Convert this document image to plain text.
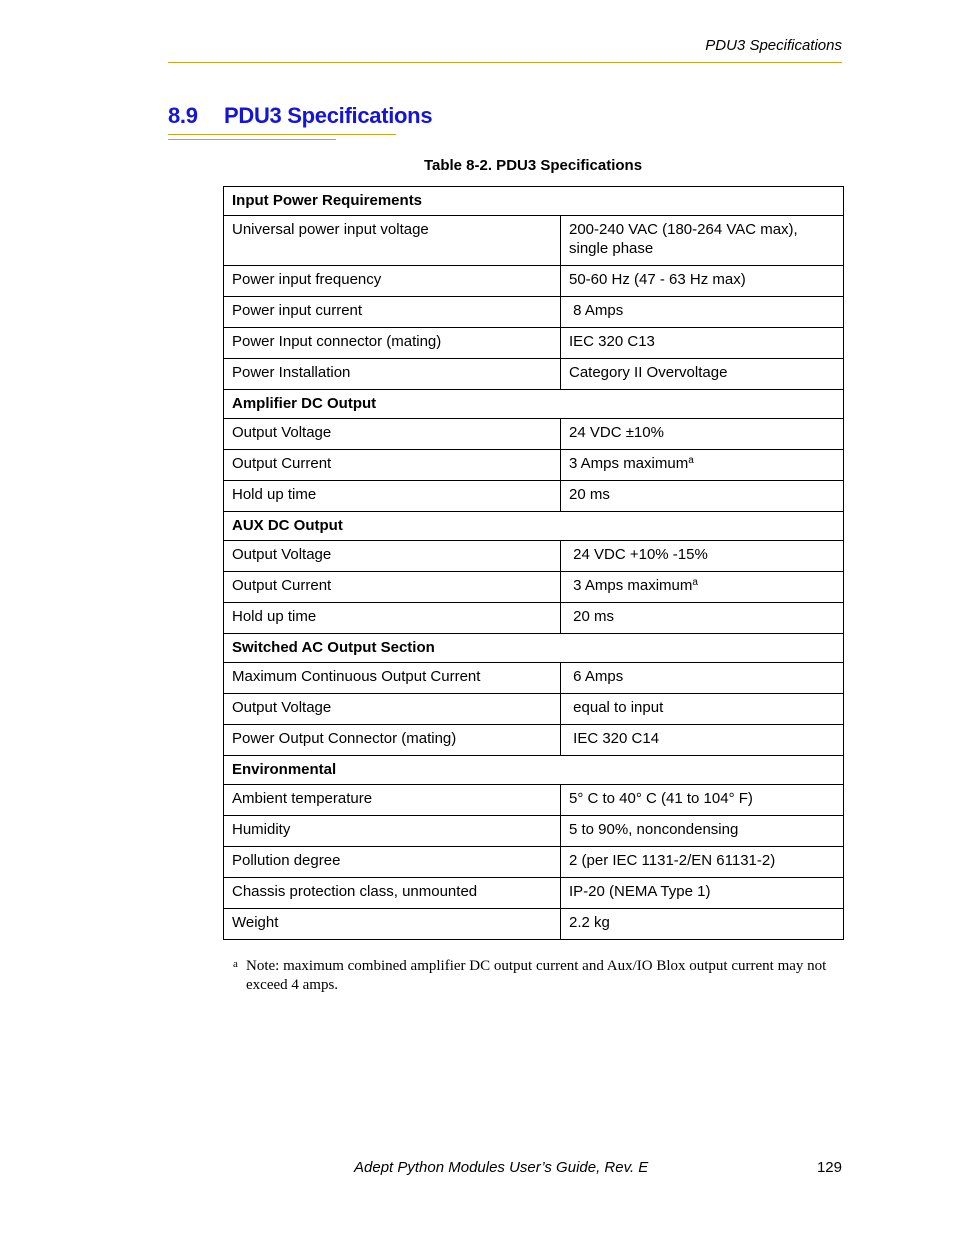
PDU3 Specifications
8.9 PDU3 Specifications
Table 8-2. PDU3 Specifications
Input Power Requirements	
Universal power input voltage	200-240 VAC (180-264 VAC max), single phase
Power input frequency	50-60 Hz (47 - 63 Hz max)
Power input current	8 Amps
Power Input connector (mating)	IEC 320 C13
Power Installation	Category II Overvoltage
Amplifier DC Output	
Output Voltage	24 VDC ±10%
Output Current	3 Amps maximum$^a$
Hold up time	20 ms
AUX DC Output	
Output Voltage	24 VDC +10% -15%
Output Current	3 Amps maximum$^a$
Hold up time	20 ms
Switched AC Output Section	
Maximum Continuous Output Current	6 Amps
Output Voltage	equal to input
Power Output Connector (mating)	IEC 320 C14
Environmental	
Ambient temperature	5° C to 40° C (41 to 104° F)
Humidity	5 to 90%, noncondensing
Pollution degree	2 (per IEC 1131-2/EN 61131-2)
Chassis protection class, unmounted	IP-20 (NEMA Type 1)
Weight	2.2 kg
a Note: maximum combined amplifier DC output current and Aux/IO Blox output current may not exceed 4 amps.
Adept Python Modules User’s Guide, Rev. E	129
